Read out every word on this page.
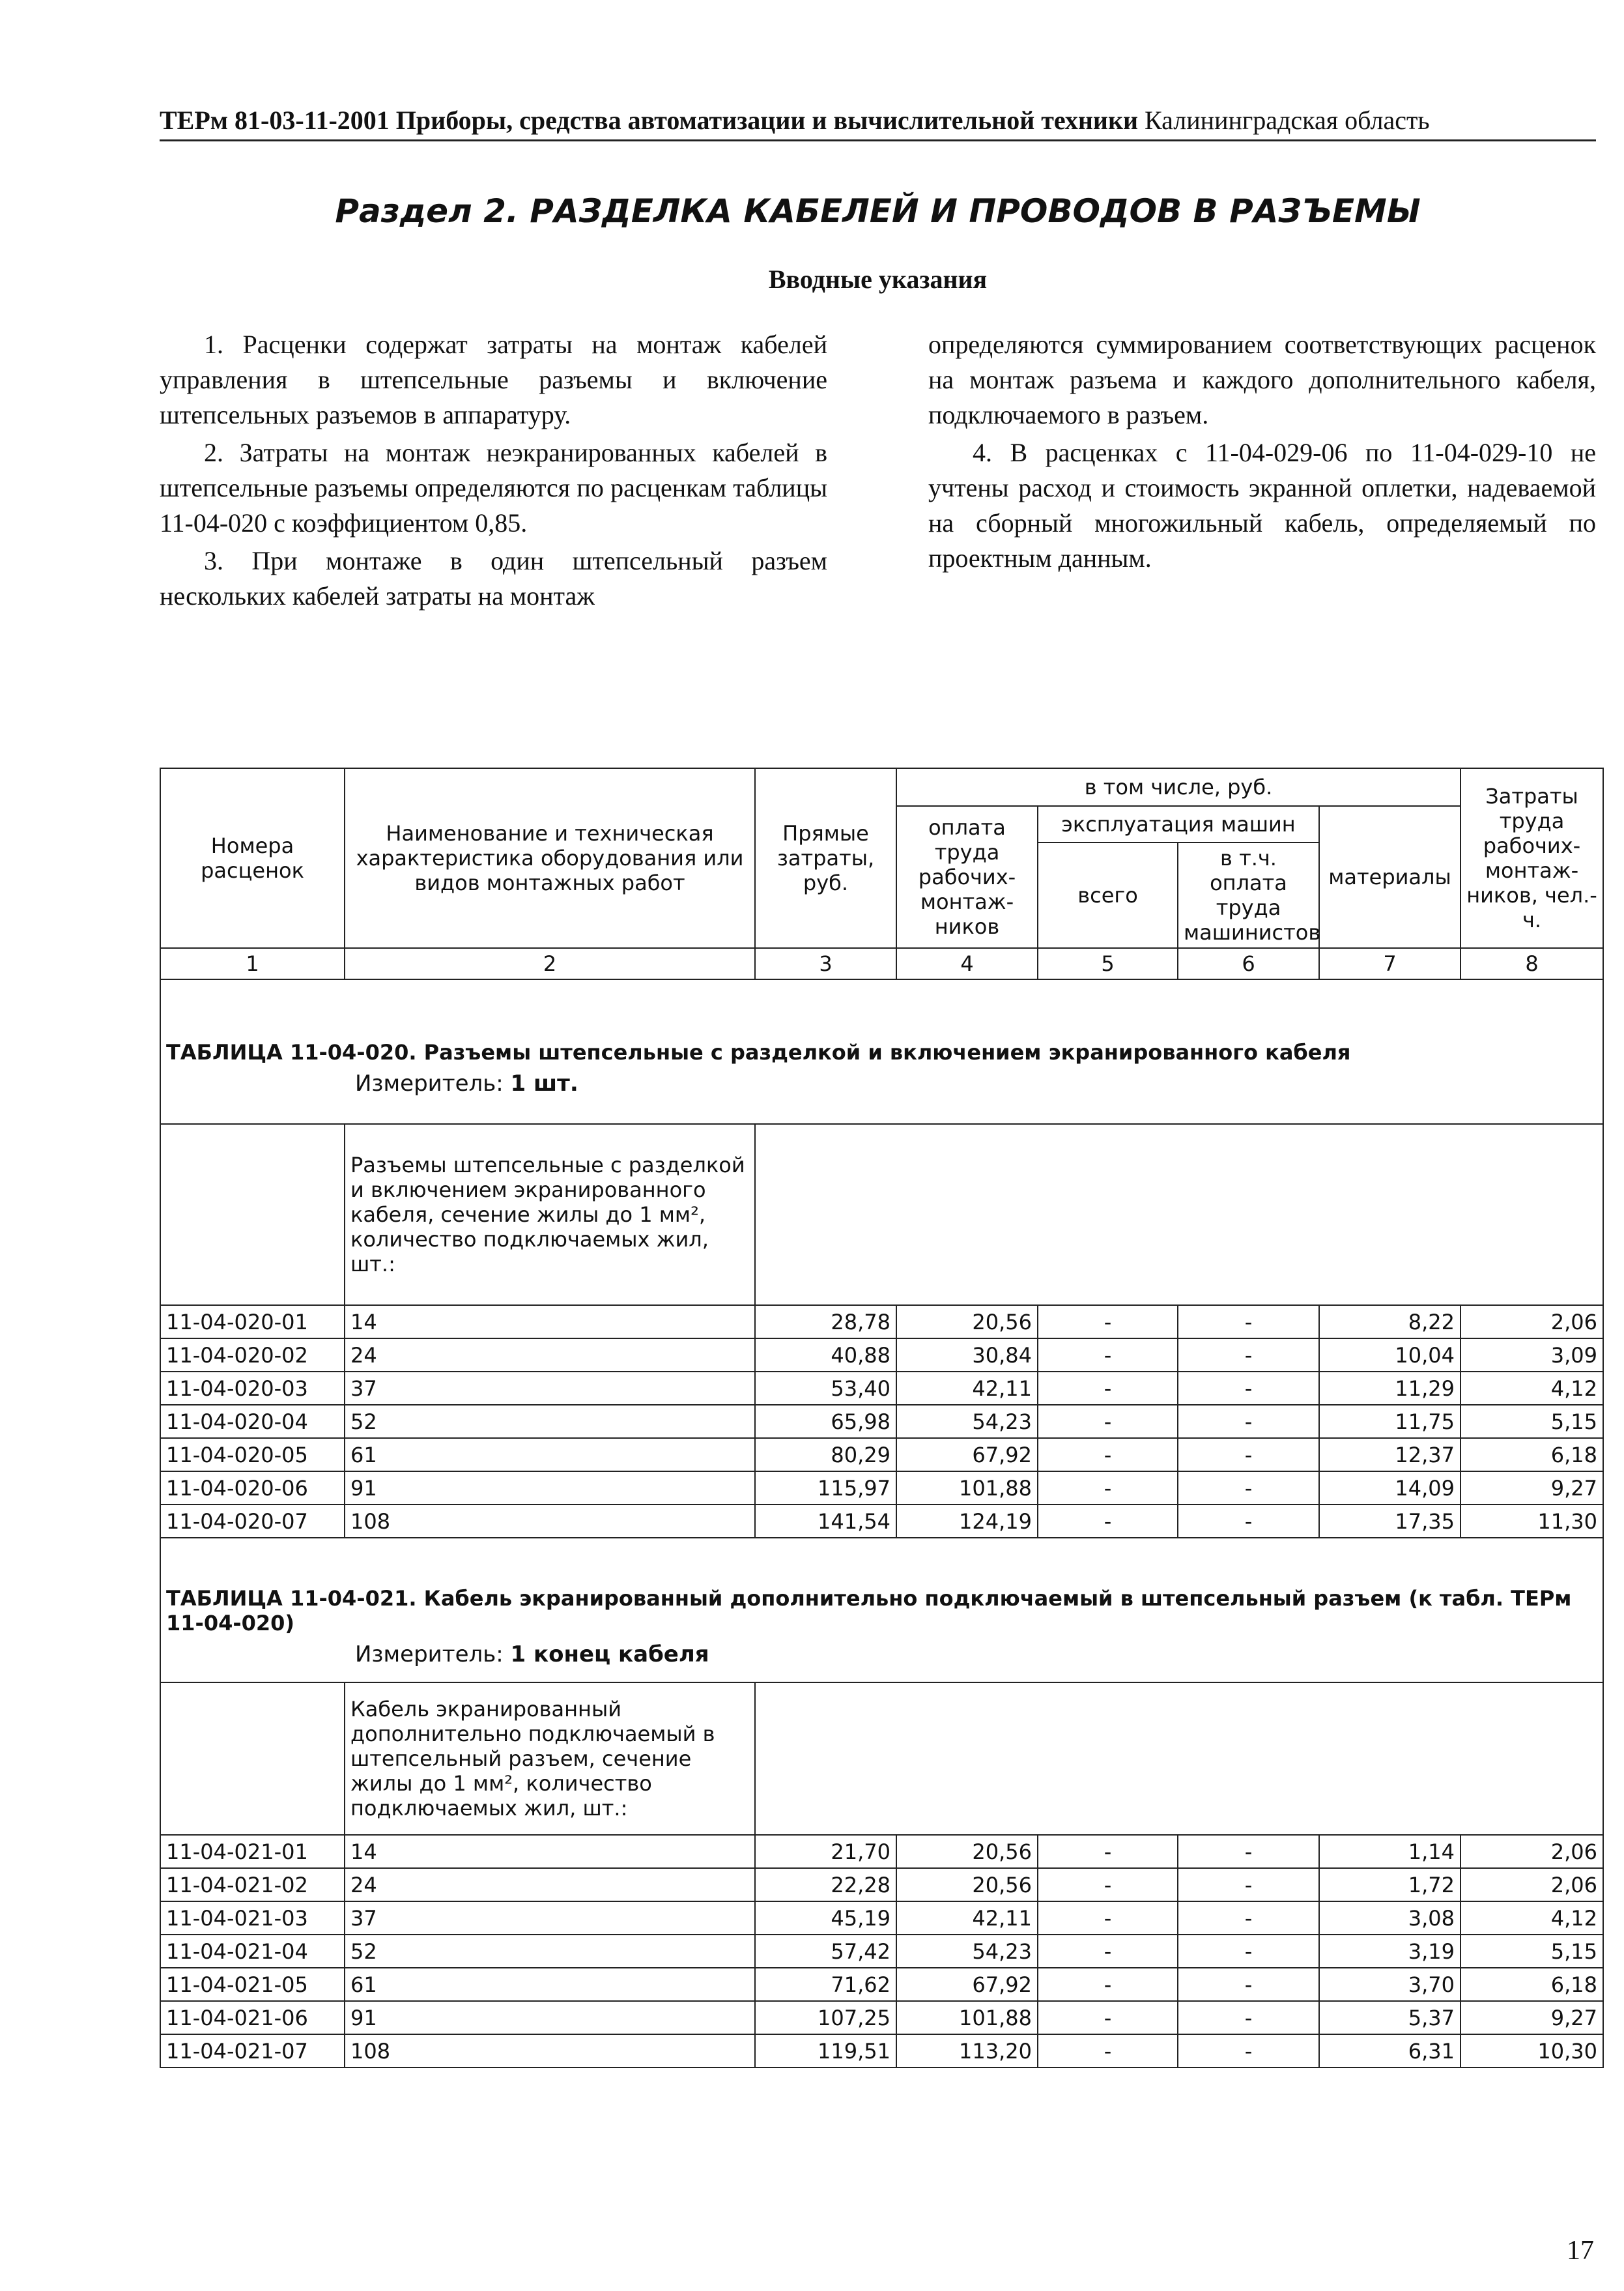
ТЕРм 81-03-11-2001 Приборы, средства автоматизации и вычислительной техники Калининградская область
Раздел 2. РАЗДЕЛКА КАБЕЛЕЙ И ПРОВОДОВ В РАЗЪЕМЫ
Вводные указания

1. Расценки содержат затраты на монтаж кабелей управления в штепсельные разъемы и включение штепсельных разъемов в аппаратуру.

2. Затраты на монтаж неэкранированных кабелей в штепсельные разъемы определяются по расценкам таблицы 11-04-020 с коэффициентом 0,85.

3. При монтаже в один штепсельный разъем нескольких кабелей затраты на монтаж

определяются суммированием соответствующих расценок на монтаж разъема и каждого дополнительного кабеля, подключаемого в разъем.

4. В расценках с 11-04-029-06 по 11-04-029-10 не учтены расход и стоимость экранной оплетки, надеваемой на сборный многожильный кабель, определяемый по проектным данным.

Номера расценок	Наименование и техническая характеристика оборудования или видов монтажных работ	Прямые затраты, руб.	в том числе, руб.				Затраты труда рабочих-монтаж-ников, чел.-ч.
			оплата труда рабочих-монтаж-ников	эксплуатация машин		материалы	
				всего	в т.ч. оплата труда машинистов		
1	2	3	4	5	6	7	8

ТАБЛИЦА 11-04-020. Разъемы штепсельные с разделкой и включением экранированного кабеля
Измеритель: 1 шт.							

	Разъемы штепсельные с разделкой и включением экранированного кабеля, сечение жилы до 1 мм², количество подключаемых жил, шт.:						
11-04-020-01	14	28,78	20,56	-	-	8,22	2,06
11-04-020-02	24	40,88	30,84	-	-	10,04	3,09
11-04-020-03	37	53,40	42,11	-	-	11,29	4,12
11-04-020-04	52	65,98	54,23	-	-	11,75	5,15
11-04-020-05	61	80,29	67,92	-	-	12,37	6,18
11-04-020-06	91	115,97	101,88	-	-	14,09	9,27
11-04-020-07	108	141,54	124,19	-	-	17,35	11,30

ТАБЛИЦА 11-04-021. Кабель экранированный дополнительно подключаемый в штепсельный разъем (к табл. ТЕРм 11-04-020)
Измеритель: 1 конец кабеля							

	Кабель экранированный дополнительно подключаемый в штепсельный разъем, сечение жилы до 1 мм², количество подключаемых жил, шт.:						
11-04-021-01	14	21,70	20,56	-	-	1,14	2,06
11-04-021-02	24	22,28	20,56	-	-	1,72	2,06
11-04-021-03	37	45,19	42,11	-	-	3,08	4,12
11-04-021-04	52	57,42	54,23	-	-	3,19	5,15
11-04-021-05	61	71,62	67,92	-	-	3,70	6,18
11-04-021-06	91	107,25	101,88	-	-	5,37	9,27
11-04-021-07	108	119,51	113,20	-	-	6,31	10,30
17
